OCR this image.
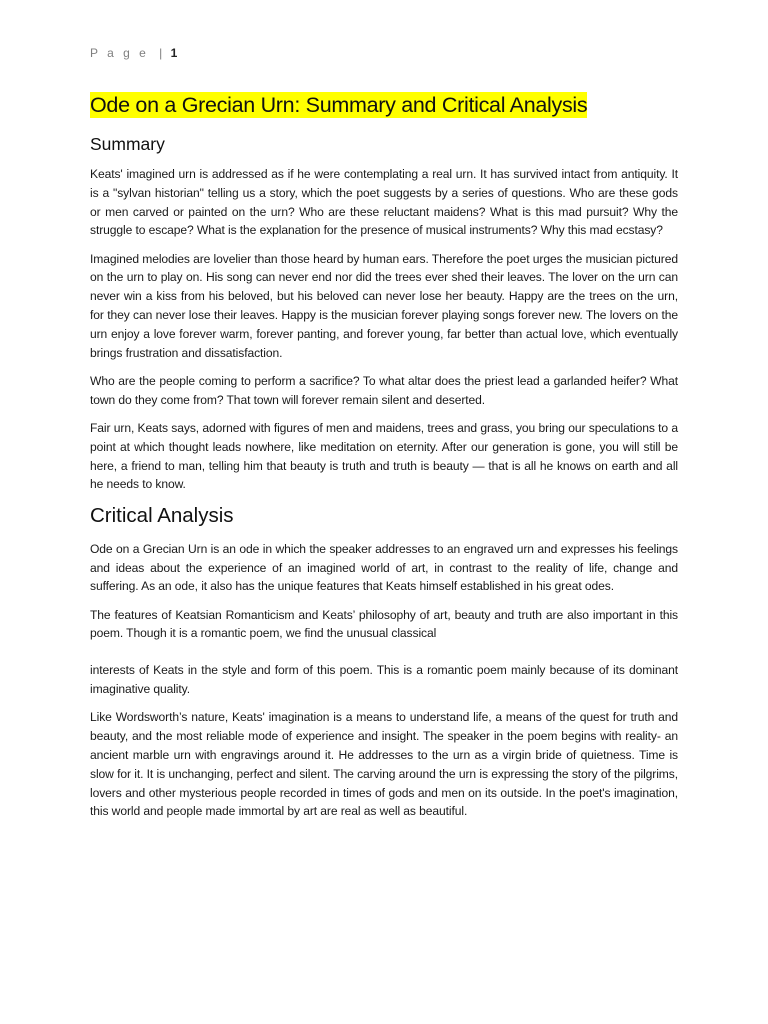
P a g e | 1
Ode on a Grecian Urn: Summary and Critical Analysis
Summary

Keats' imagined urn is addressed as if he were contemplating a real urn. It has survived intact from antiquity. It is a "sylvan historian" telling us a story, which the poet suggests by a series of questions. Who are these gods or men carved or painted on the urn? Who are these reluctant maidens? What is this mad pursuit? Why the struggle to escape? What is the explanation for the presence of musical instruments? Why this mad ecstasy?

Imagined melodies are lovelier than those heard by human ears. Therefore the poet urges the musician pictured on the urn to play on. His song can never end nor did the trees ever shed their leaves. The lover on the urn can never win a kiss from his beloved, but his beloved can never lose her beauty. Happy are the trees on the urn, for they can never lose their leaves. Happy is the musician forever playing songs forever new. The lovers on the urn enjoy a love forever warm, forever panting, and forever young, far better than actual love, which eventually brings frustration and dissatisfaction.

Who are the people coming to perform a sacrifice? To what altar does the priest lead a garlanded heifer? What town do they come from? That town will forever remain silent and deserted.

Fair urn, Keats says, adorned with figures of men and maidens, trees and grass, you bring our speculations to a point at which thought leads nowhere, like meditation on eternity. After our generation is gone, you will still be here, a friend to man, telling him that beauty is truth and truth is beauty — that is all he knows on earth and all he needs to know.

Critical Analysis

Ode on a Grecian Urn is an ode in which the speaker addresses to an engraved urn and expresses his feelings and ideas about the experience of an imagined world of art, in contrast to the reality of life, change and suffering. As an ode, it also has the unique features that Keats himself established in his great odes.

The features of Keatsian Romanticism and Keats’ philosophy of art, beauty and truth are also important in this poem. Though it is a romantic poem, we find the unusual classical

interests of Keats in the style and form of this poem. This is a romantic poem mainly because of its dominant imaginative quality.

Like Wordsworth’s nature, Keats' imagination is a means to understand life, a means of the quest for truth and beauty, and the most reliable mode of experience and insight. The speaker in the poem begins with reality- an ancient marble urn with engravings around it. He addresses to the urn as a virgin bride of quietness. Time is slow for it. It is unchanging, perfect and silent. The carving around the urn is expressing the story of the pilgrims, lovers and other mysterious people recorded in times of gods and men on its outside. In the poet's imagination, this world and people made immortal by art are real as well as beautiful.
